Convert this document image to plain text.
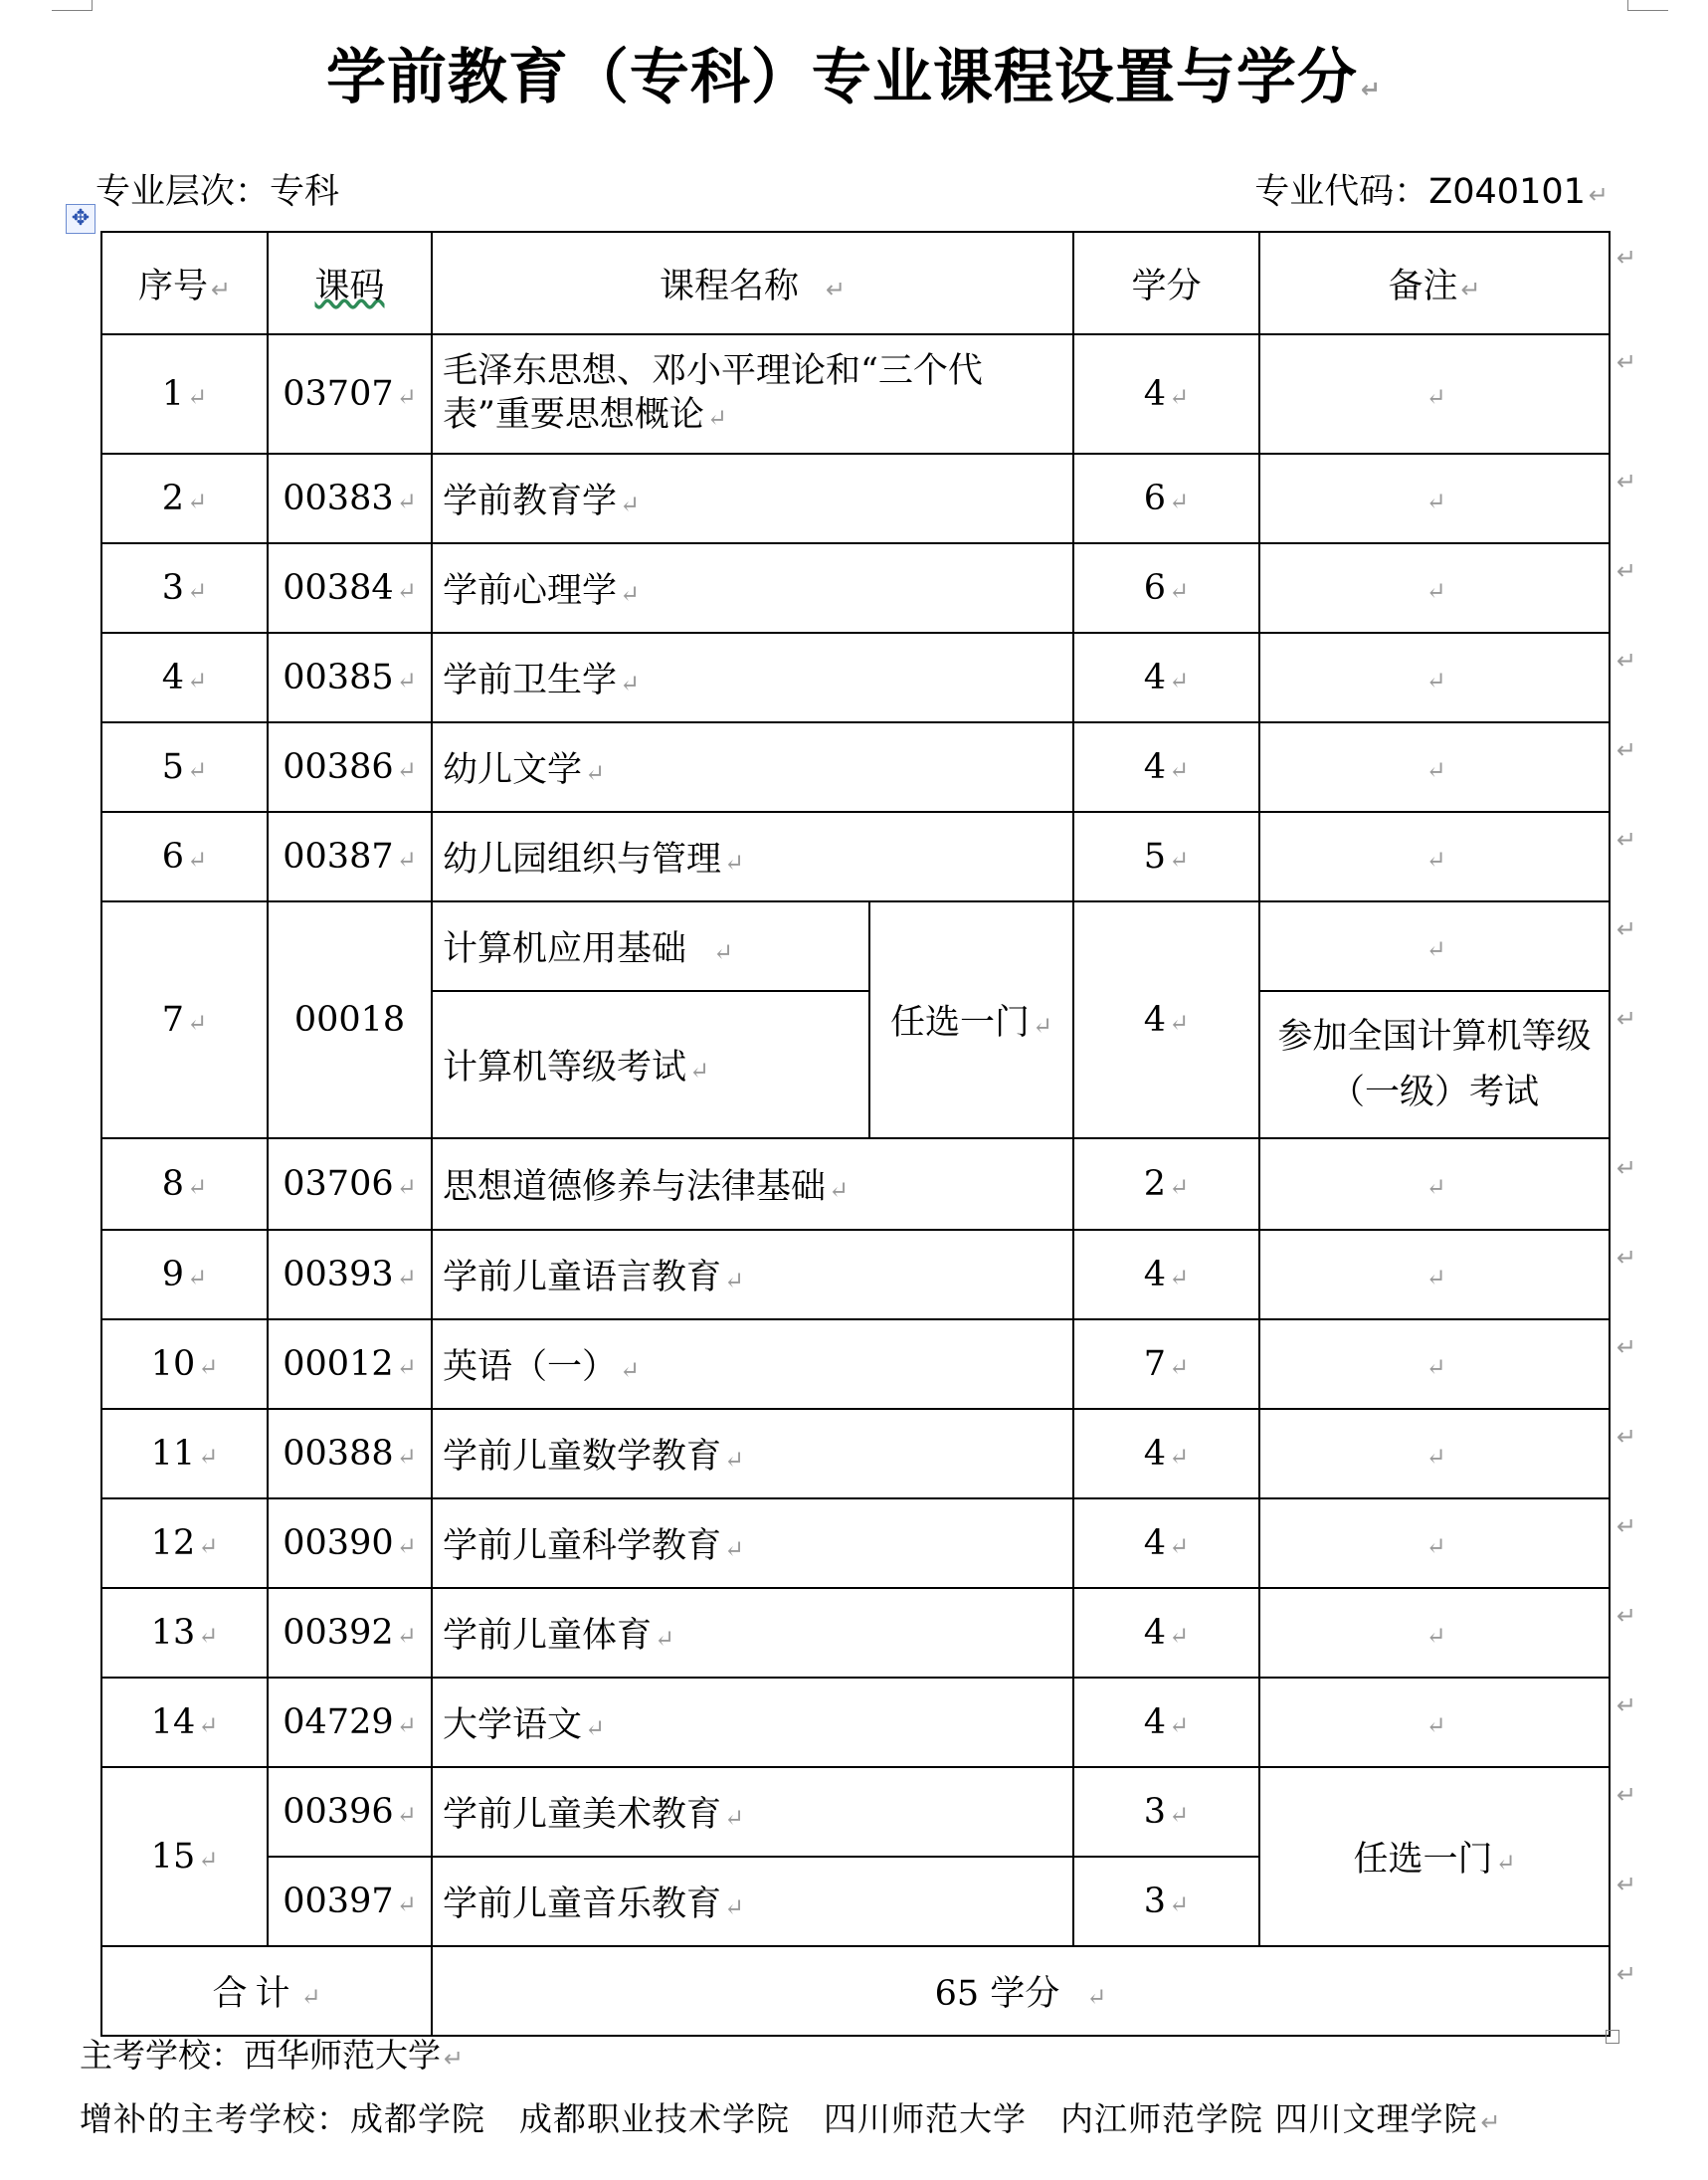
学前教育（专科）专业课程设置与学分 ↵
专业层次：专科	专业代码：Z040101 ↵
✥
序号 ↵	课码	课程名称　↵		学分	备注 ↵
1 ↵	03707 ↵	毛泽东思想、邓小平理论和“三个代表”重要思想概论 ↵		4 ↵	↵
2 ↵	00383 ↵	学前教育学 ↵		6 ↵	↵
3 ↵	00384 ↵	学前心理学 ↵		6 ↵	↵
4 ↵	00385 ↵	学前卫生学 ↵		4 ↵	↵
5 ↵	00386 ↵	幼儿文学 ↵		4 ↵	↵
6 ↵	00387 ↵	幼儿园组织与管理 ↵		5 ↵	↵
7 ↵	00018	计算机应用基础　↵	任选一门 ↵	4 ↵	↵
		计算机等级考试 ↵			参加全国计算机等级（一级）考试
8 ↵	03706 ↵	思想道德修养与法律基础 ↵		2 ↵	↵
9 ↵	00393 ↵	学前儿童语言教育 ↵		4 ↵	↵
10 ↵	00012 ↵	英语（一） ↵		7 ↵	↵
11 ↵	00388 ↵	学前儿童数学教育 ↵		4 ↵	↵
12 ↵	00390 ↵	学前儿童科学教育 ↵		4 ↵	↵
13 ↵	00392 ↵	学前儿童体育 ↵		4 ↵	↵
14 ↵	04729 ↵	大学语文 ↵		4 ↵	↵
15 ↵	00396 ↵	学前儿童美术教育 ↵		3 ↵	任选一门 ↵
	00397 ↵	学前儿童音乐教育 ↵		3 ↵	
合计 ↵		65 学分　↵			
↵
↵
↵
↵
↵
↵
↵
↵
↵
↵
↵
↵
↵
↵
↵
↵
↵
↵
↵
主考学校：西华师范大学 ↵
增补的主考学校：成都学院　成都职业技术学院　四川师范大学　内江师范学院 四川文理学院 ↵
